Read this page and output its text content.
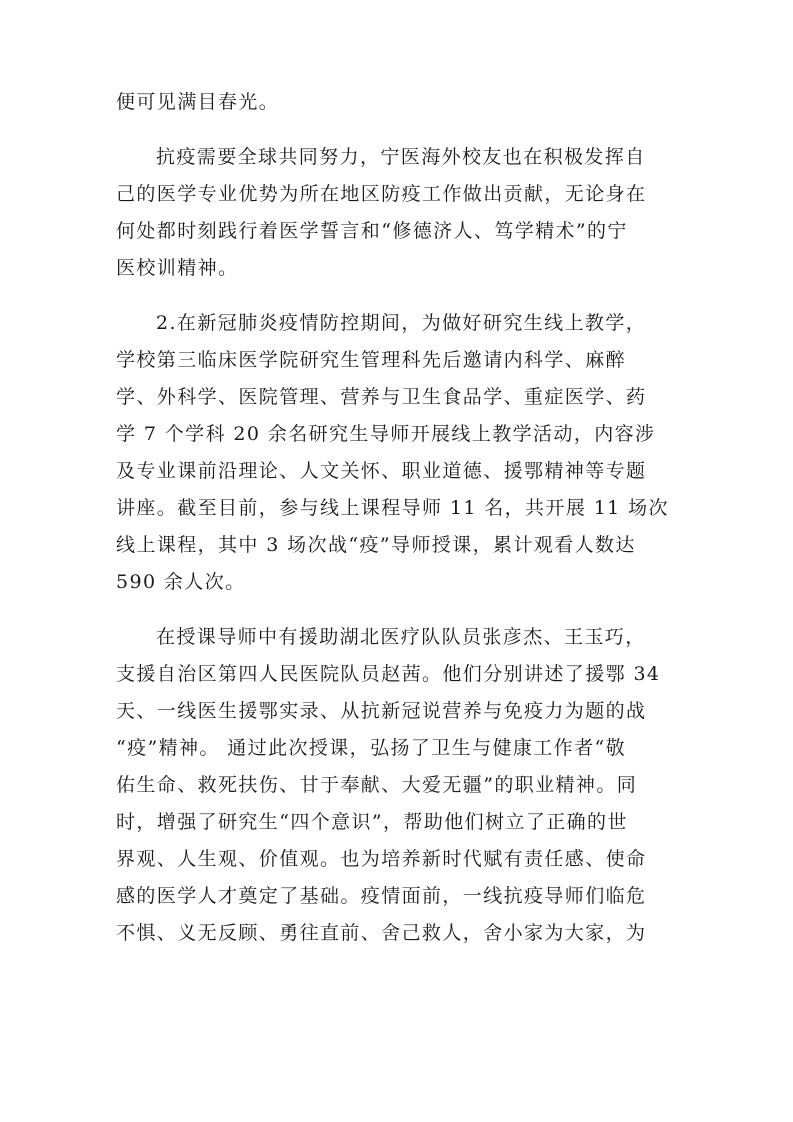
便可见满目春光。
抗疫需要全球共同努力，宁医海外校友也在积极发挥自
己的医学专业优势为所在地区防疫工作做出贡献，无论身在
何处都时刻践行着医学誓言和“修德济人、笃学精术”的宁
医校训精神。
2.在新冠肺炎疫情防控期间，为做好研究生线上教学，
学校第三临床医学院研究生管理科先后邀请内科学、麻醉
学、外科学、医院管理、营养与卫生食品学、重症医学、药
学 7 个学科 20 余名研究生导师开展线上教学活动，内容涉
及专业课前沿理论、人文关怀、职业道德、援鄂精神等专题
讲座。截至目前，参与线上课程导师 11 名，共开展 11 场次
线上课程，其中 3 场次战“疫”导师授课，累计观看人数达
590 余人次。
在授课导师中有援助湖北医疗队队员张彦杰、王玉巧，
支援自治区第四人民医院队员赵茜。他们分别讲述了援鄂 34
天、一线医生援鄂实录、从抗新冠说营养与免疫力为题的战
“疫”精神。 通过此次授课，弘扬了卫生与健康工作者“敬
佑生命、救死扶伤、甘于奉献、大爱无疆”的职业精神。同
时，增强了研究生“四个意识”，帮助他们树立了正确的世
界观、人生观、价值观。也为培养新时代赋有责任感、使命
感的医学人才奠定了基础。疫情面前，一线抗疫导师们临危
不惧、义无反顾、勇往直前、舍己救人，舍小家为大家，为
